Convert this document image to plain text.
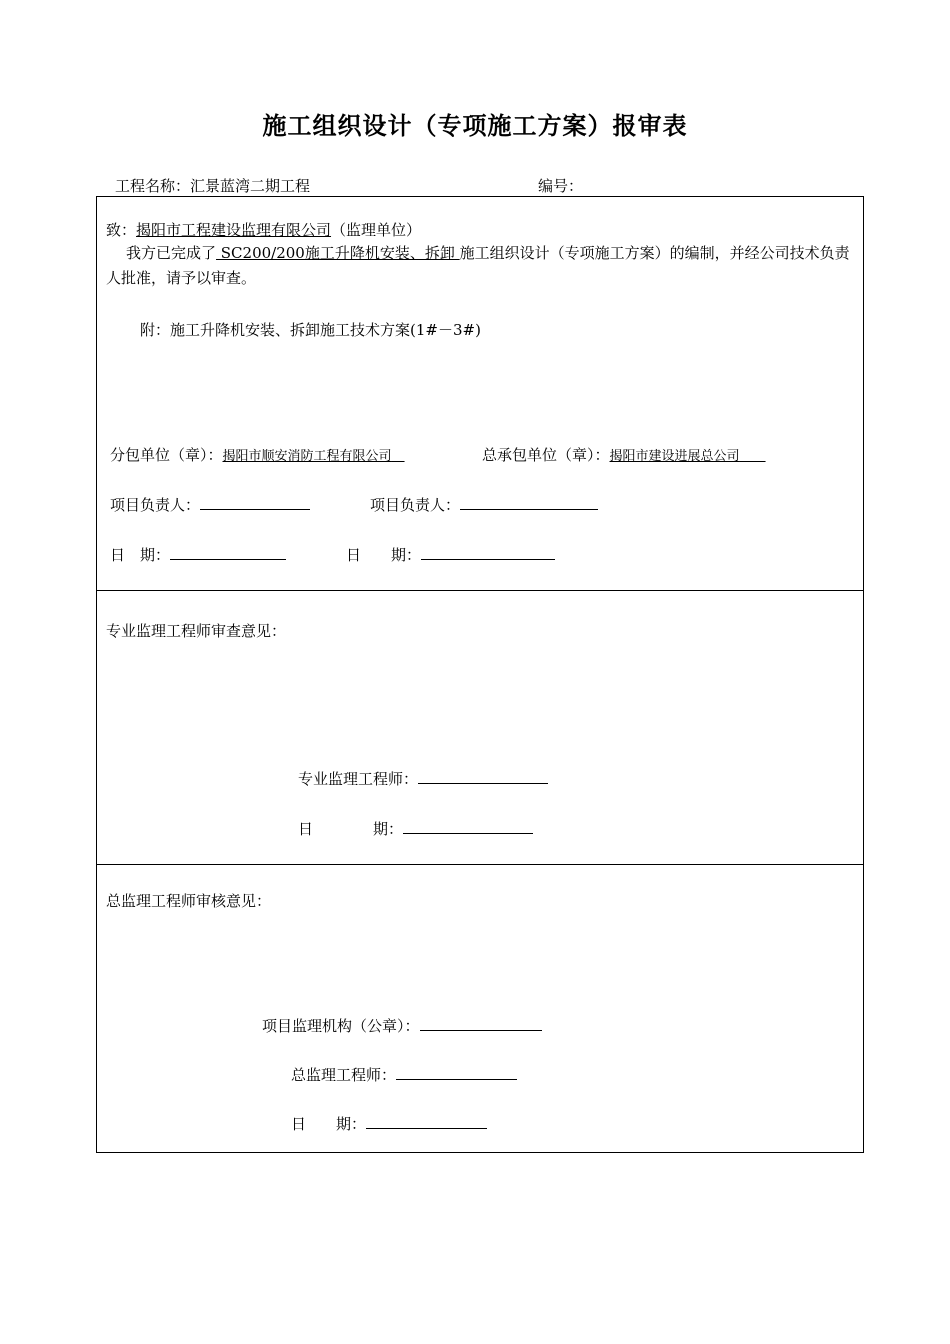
施工组织设计（专项施工方案）报审表
工程名称：汇景蓝湾二期工程	编号：
致：揭阳市工程建设监理有限公司（监理单位）
我方已完成了 SC200/200施工升降机安装、拆卸 施工组织设计（专项施工方案）的编制，并经公司技术负责人批准，请予以审查。
附：施工升降机安装、拆卸施工技术方案(1#－3#)
分包单位（章）：揭阳市顺安消防工程有限公司　	总承包单位（章）：揭阳市建设进展总公司　　
项目负责人：	项目负责人：
日　期：	日　　期：
专业监理工程师审查意见：
专业监理工程师：
日　　　　期：
总监理工程师审核意见：
项目监理机构（公章）：
总监理工程师：
日　　期：
